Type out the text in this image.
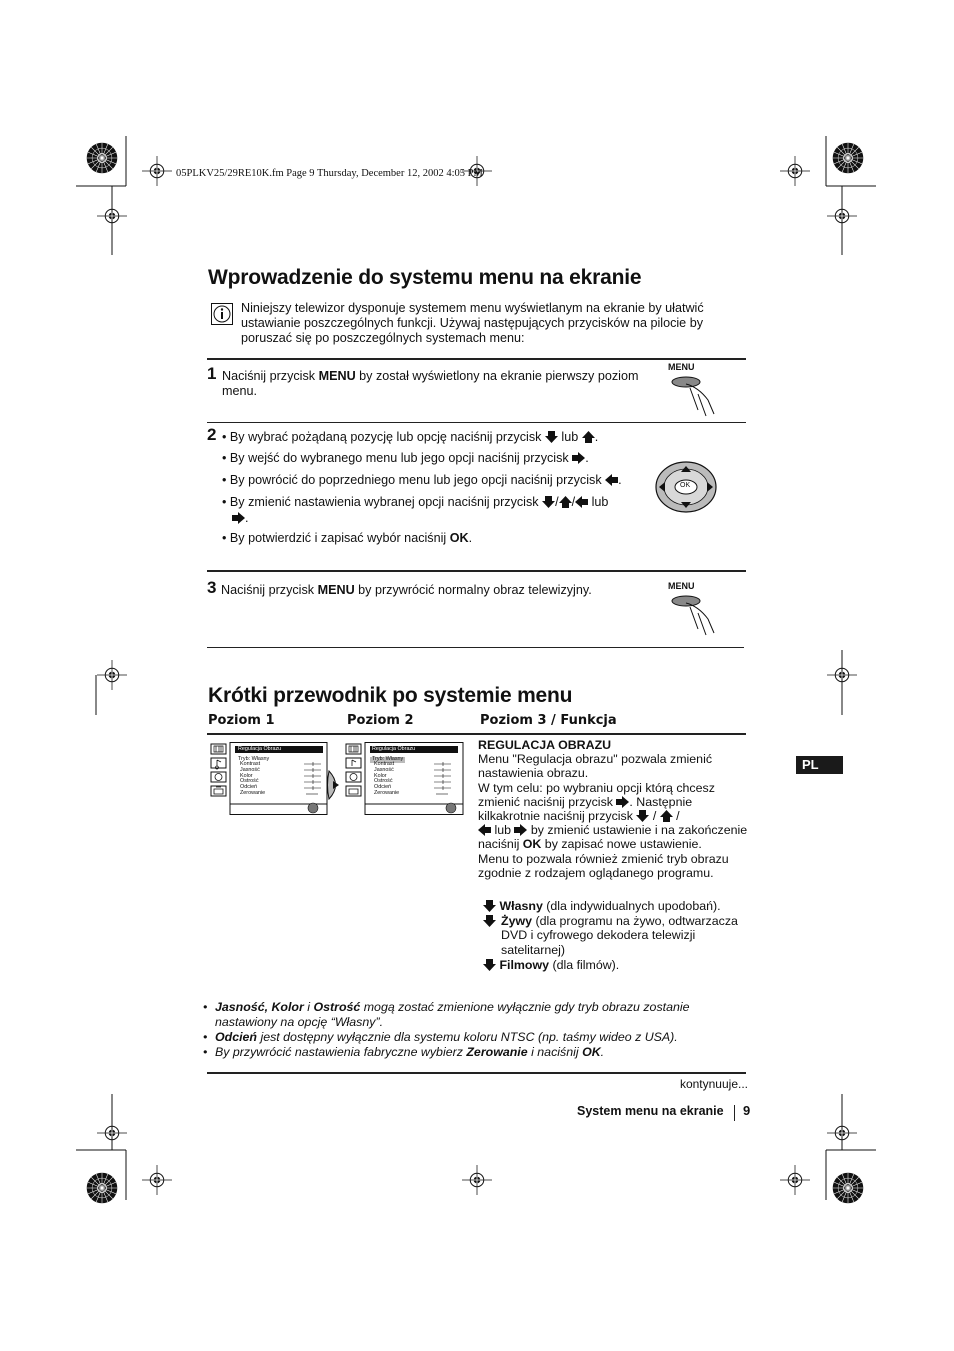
05PLKV25/29RE10K.fm Page 9 Thursday, December 12, 2002 4:05 PM
Wprowadzenie do systemu menu na ekranie
Niniejszy telewizor dysponuje systemem menu wyświetlanym na ekranie by ułatwić ustawianie poszczególnych funkcji. Używaj następujących przycisków na pilocie by poruszać się po poszczególnych systemach menu:
1 Naciśnij przycisk MENU by został wyświetlony na ekranie pierwszy poziom menu.
MENU
2 • By wybrać pożądaną pozycję lub opcję naciśnij przycisk lub .
• By wejść do wybranego menu lub jego opcji naciśnij przycisk .
• By powrócić do poprzedniego menu lub jego opcji naciśnij przycisk .
• By zmienić nastawienia wybranej opcji naciśnij przycisk / / lub
.
• By potwierdzić i zapisać wybór naciśnij OK.
OK
3 Naciśnij przycisk MENU by przywrócić normalny obraz telewizyjny.	MENU
Krótki przewodnik po systemie menu
Poziom 1	Poziom 2	Poziom 3 / Funkcja
Regulacja Obrazu
Tryb: Własny
Kontrast
Jasność
Kolor
Ostrość
Odcień
Zerowanie
Regulacja Obrazu
Tryb: Własny
Kontrast
Jasność
Kolor
Ostrość
Odcień
Zerowanie
REGULACJA OBRAZU
Menu "Regulacja obrazu" pozwala zmienić nastawienia obrazu.
W tym celu: po wybraniu opcji którą chcesz zmienić naciśnij przycisk . Następnie kilkakrotnie naciśnij przycisk  /  /
lub by zmienić ustawienie i na zakończenie naciśnij OK by zapisać nowe ustawienie.
Menu to pozwala również zmienić tryb obrazu zgodnie z rodzajem oglądanego programu.
Własny (dla indywidualnych upodobań).
Żywy (dla programu na żywo, odtwarzacza DVD i cyfrowego dekodera telewizji satelitarnej)
Filmowy (dla filmów).
PL
• Jasność, Kolor i Ostrość mogą zostać zmienione wyłącznie gdy tryb obrazu zostanie nastawiony na opcję “Własny”.
• Odcień jest dostępny wyłącznie dla systemu koloru NTSC (np. taśmy wideo z USA).
• By przywrócić nastawienia fabryczne wybierz Zerowanie i naciśnij OK.
kontynuuje...
System menu na ekranie 9
